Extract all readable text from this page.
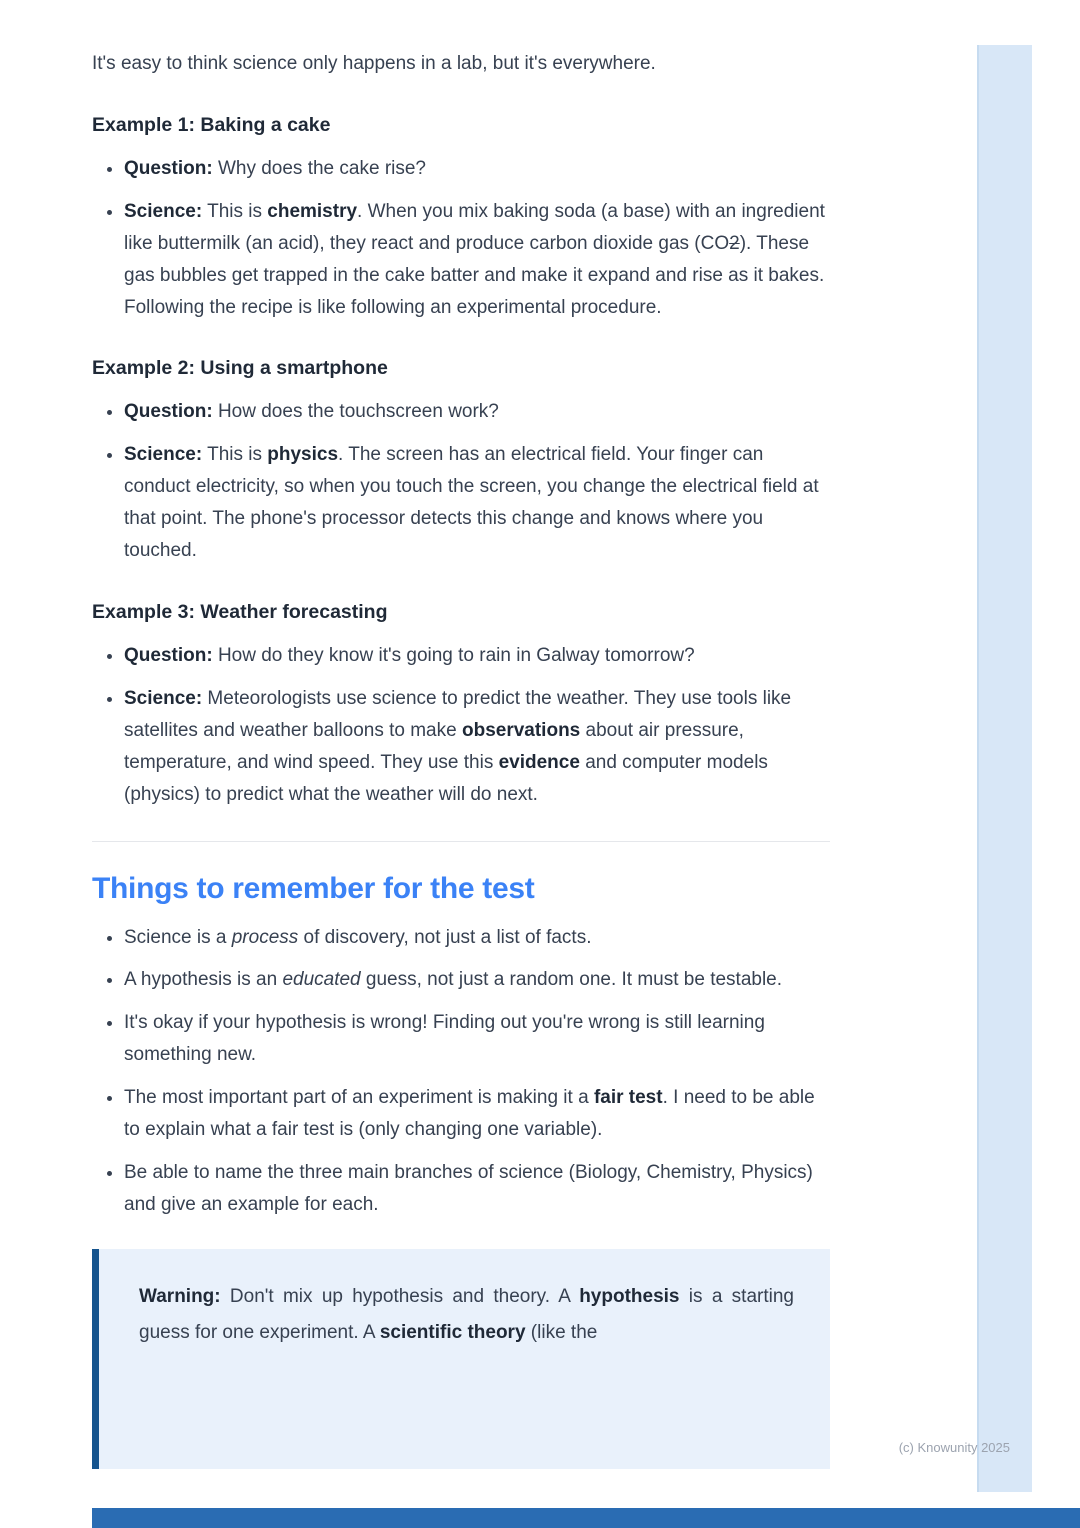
It's easy to think science only happens in a lab, but it's everywhere.

Example 1: Baking a cake
• Question: Why does the cake rise?
• Science: This is chemistry. When you mix baking soda (a base) with an ingredient like buttermilk (an acid), they react and produce carbon dioxide gas (CO2). These gas bubbles get trapped in the cake batter and make it expand and rise as it bakes. Following the recipe is like following an experimental procedure.
Example 2: Using a smartphone
• Question: How does the touchscreen work?
• Science: This is physics. The screen has an electrical field. Your finger can conduct electricity, so when you touch the screen, you change the electrical field at that point. The phone's processor detects this change and knows where you touched.
Example 3: Weather forecasting
• Question: How do they know it's going to rain in Galway tomorrow?
• Science: Meteorologists use science to predict the weather. They use tools like satellites and weather balloons to make observations about air pressure, temperature, and wind speed. They use this evidence and computer models (physics) to predict what the weather will do next.
Things to remember for the test
• Science is a process of discovery, not just a list of facts.
• A hypothesis is an educated guess, not just a random one. It must be testable.
• It's okay if your hypothesis is wrong! Finding out you're wrong is still learning something new.
• The most important part of an experiment is making it a fair test. I need to be able to explain what a fair test is (only changing one variable).
• Be able to name the three main branches of science (Biology, Chemistry, Physics) and give an example for each.

Warning: Don't mix up hypothesis and theory. A hypothesis is a starting guess for one experiment. A scientific theory (like the

(c) Knowunity 2025
